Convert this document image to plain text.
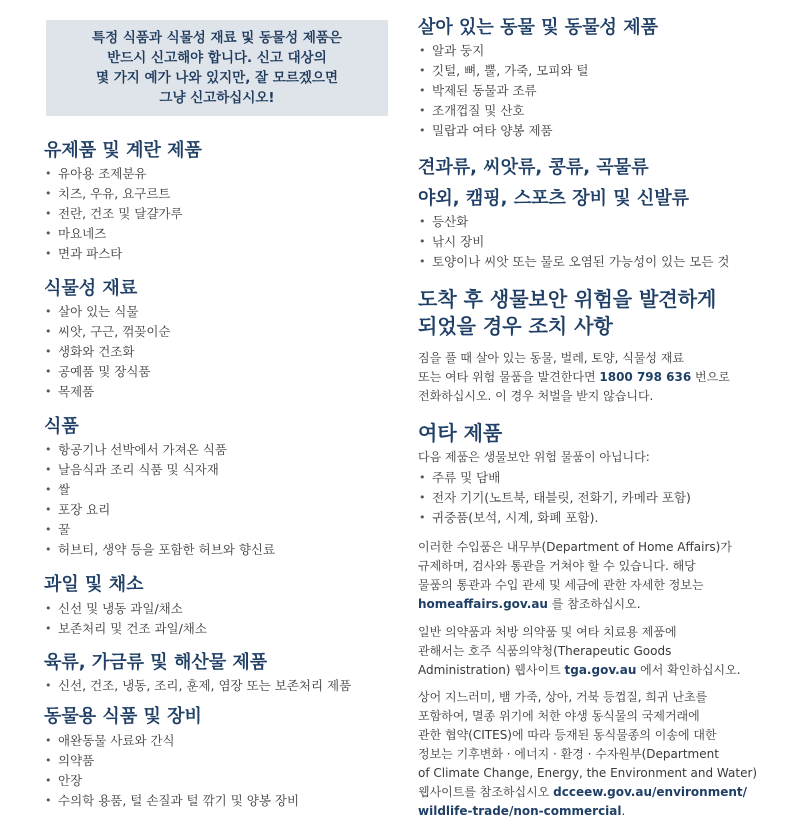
특정 식품과 식물성 재료 및 동물성 제품은
반드시 신고해야 합니다. 신고 대상의
몇 가지 예가 나와 있지만, 잘 모르겠으면
그냥 신고하십시오!
유제품 및 계란 제품
• 유아용 조제분유
• 치즈, 우유, 요구르트
• 전란, 건조 및 달걀가루
• 마요네즈
• 면과 파스타
식물성 재료
• 살아 있는 식물
• 씨앗, 구근, 꺾꽂이순
• 생화와 건조화
• 공예품 및 장식품
• 목제품
식품
• 항공기나 선박에서 가져온 식품
• 날음식과 조리 식품 및 식자재
• 쌀
• 포장 요리
• 꿀
• 허브티, 생약 등을 포함한 허브와 향신료
과일 및 채소
• 신선 및 냉동 과일/채소
• 보존처리 및 건조 과일/채소
육류, 가금류 및 해산물 제품
• 신선, 건조, 냉동, 조리, 훈제, 염장 또는 보존처리 제품
동물용 식품 및 장비
• 애완동물 사료와 간식
• 의약품
• 안장
• 수의학 용품, 털 손질과 털 깎기 및 양봉 장비
살아 있는 동물 및 동물성 제품
• 알과 둥지
• 깃털, 뼈, 뿔, 가죽, 모피와 털
• 박제된 동물과 조류
• 조개껍질 및 산호
• 밀랍과 여타 양봉 제품
견과류, 씨앗류, 콩류, 곡물류
야외, 캠핑, 스포츠 장비 및 신발류
• 등산화
• 낚시 장비
• 토양이나 씨앗 또는 물로 오염된 가능성이 있는 모든 것
도착 후 생물보안 위험을 발견하게
되었을 경우 조치 사항

짐을 풀 때 살아 있는 동물, 벌레, 토양, 식물성 재료
또는 여타 위험 물품을 발견한다면 1800 798 636 번으로
전화하십시오. 이 경우 처벌을 받지 않습니다.

여타 제품

다음 제품은 생물보안 위험 물품이 아닙니다:

• 주류 및 담배
• 전자 기기(노트북, 태블릿, 전화기, 카메라 포함)
• 귀중품(보석, 시계, 화폐 포함).

이러한 수입품은 내무부(Department of Home Affairs)가
규제하며, 검사와 통관을 거쳐야 할 수 있습니다. 해당
물품의 통관과 수입 관세 및 세금에 관한 자세한 정보는
homeaffairs.gov.au 를 참조하십시오.

일반 의약품과 처방 의약품 및 여타 치료용 제품에
관해서는 호주 식품의약청(Therapeutic Goods
Administration) 웹사이트 tga.gov.au 에서 확인하십시오.

상어 지느러미, 뱀 가죽, 상아, 거북 등껍질, 희귀 난초를
포함하여, 멸종 위기에 처한 야생 동식물의 국제거래에
관한 협약(CITES)에 따라 등재된 동식물종의 이송에 대한
정보는 기후변화 · 에너지 · 환경 · 수자원부(Department
of Climate Change, Energy, the Environment and Water)
웹사이트를 참조하십시오 dcceew.gov.au/environment/
wildlife-trade/non-commercial.
